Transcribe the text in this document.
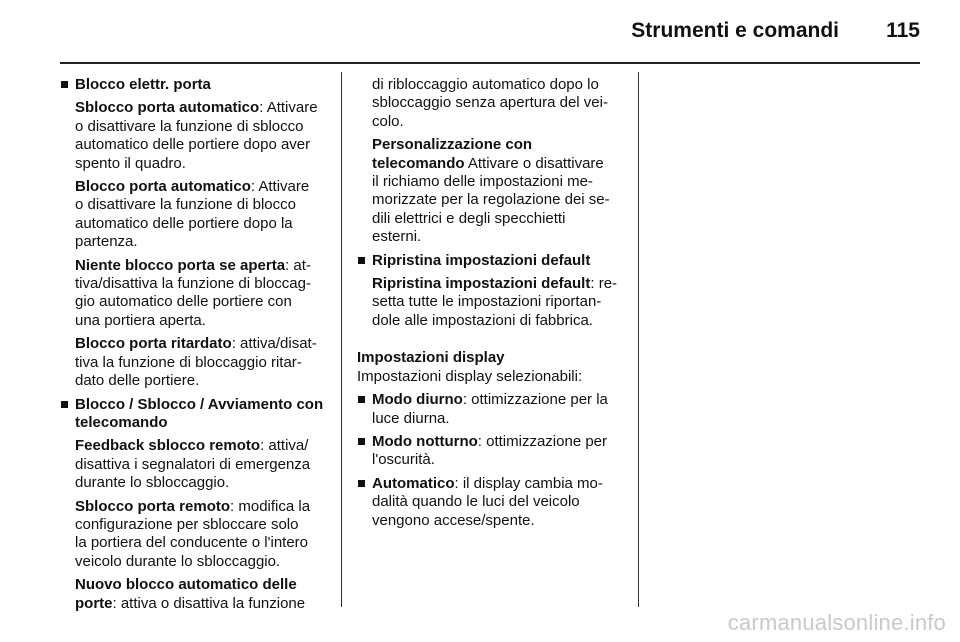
Strumenti e comandi 115
Blocco elettr. porta
Sblocco porta automatico: Attivare
o disattivare la funzione di sblocco
automatico delle portiere dopo aver
spento il quadro.
Blocco porta automatico: Attivare
o disattivare la funzione di blocco
automatico delle portiere dopo la
partenza.
Niente blocco porta se aperta: at-
tiva/disattiva la funzione di bloccag-
gio automatico delle portiere con
una portiera aperta.
Blocco porta ritardato: attiva/disat-
tiva la funzione di bloccaggio ritar-
dato delle portiere.
Blocco / Sblocco / Avviamento con
telecomando
Feedback sblocco remoto: attiva/
disattiva i segnalatori di emergenza
durante lo sbloccaggio.
Sblocco porta remoto: modifica la
configurazione per sbloccare solo
la portiera del conducente o l'intero
veicolo durante lo sbloccaggio.
Nuovo blocco automatico delle
porte: attiva o disattiva la funzione
di ribloccaggio automatico dopo lo
sbloccaggio senza apertura del vei-
colo.
Personalizzazione con
telecomando Attivare o disattivare
il richiamo delle impostazioni me-
morizzate per la regolazione dei se-
dili elettrici e degli specchietti
esterni.
Ripristina impostazioni default
Ripristina impostazioni default: re-
setta tutte le impostazioni riportan-
dole alle impostazioni di fabbrica.
Impostazioni display
Impostazioni display selezionabili:
Modo diurno: ottimizzazione per la
luce diurna.
Modo notturno: ottimizzazione per
l'oscurità.
Automatico: il display cambia mo-
dalità quando le luci del veicolo
vengono accese/spente.
carmanualsonline.info
